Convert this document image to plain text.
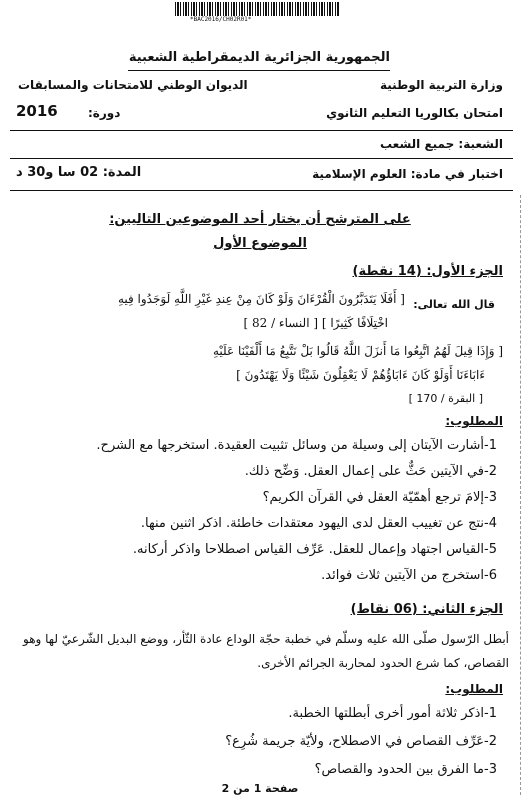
*BAC2016/CH02R01*
الجمهورية الجزائرية الديمقراطية الشعبية
وزارة التربية الوطنية
الديوان الوطني للامتحانات والمسابقات
امتحان بكالوريا التعليم الثانوي
دورة:
2016
الشعبة: جميع الشعب
اختبار في مادة: العلوم الإسلامية
المدة: 02 سا و30 د
على المترشح أن يختار أحد الموضوعين التاليين:
الموضوع الأول
الجزء الأول: (14 نقطة)
قال الله تعالى:
[ أَفَلَا يَتَدَبَّرُونَ الْقُرْءَانَ وَلَوْ كَانَ مِنْ عِندِ غَيْرِ اللَّهِ لَوَجَدُوا فِيهِ
اخْتِلَافًا كَثِيرًا ] [ النساء / 82 ]
[ وَإِذَا قِيلَ لَهُمُ اتَّبِعُوا مَا أَنزَلَ اللَّهُ قَالُوا بَلْ نَتَّبِعُ مَا أَلْفَيْنَا عَلَيْهِ
ءَابَاءَنَا أَوَلَوْ كَانَ ءَابَاؤُهُمْ لَا يَعْقِلُونَ شَيْئًا وَلَا يَهْتَدُونَ ]
[ البقرة / 170 ]
المطلوب:
1-أشارت الآيتان إلى وسيلة من وسائل تثبيت العقيدة. استخرجها مع الشرح.
2-في الآيتين حَثٌّ على إعمال العقل. وَضِّح ذلك.
3-إلامَ ترجع أهمّيّة العقل في القرآن الكريم؟
4-نتج عن تغييب العقل لدى اليهود معتقدات خاطئة. اذكر اثنين منها.
5-القياس اجتهاد وإعمال للعقل. عَرِّف القياس اصطلاحا واذكر أركانه.
6-استخرج من الآيتين ثلاث فوائد.
الجزء الثاني: (06 نقاط)
أبطل الرّسول صلّى الله عليه وسلّم في خطبة حجّة الوداع عادة الثّأر، ووضع البديل الشّرعيّ لها وهو
القصاص، كما شرع الحدود لمحاربة الجرائم الأخرى.
المطلوب:
1-اذكر ثلاثة أمور أخرى أبطلتها الخطبة.
2-عَرِّف القصاص في الاصطلاح، ولأيّة جريمة شُرِع؟
3-ما الفرق بين الحدود والقصاص؟
صفحة 1 من 2
